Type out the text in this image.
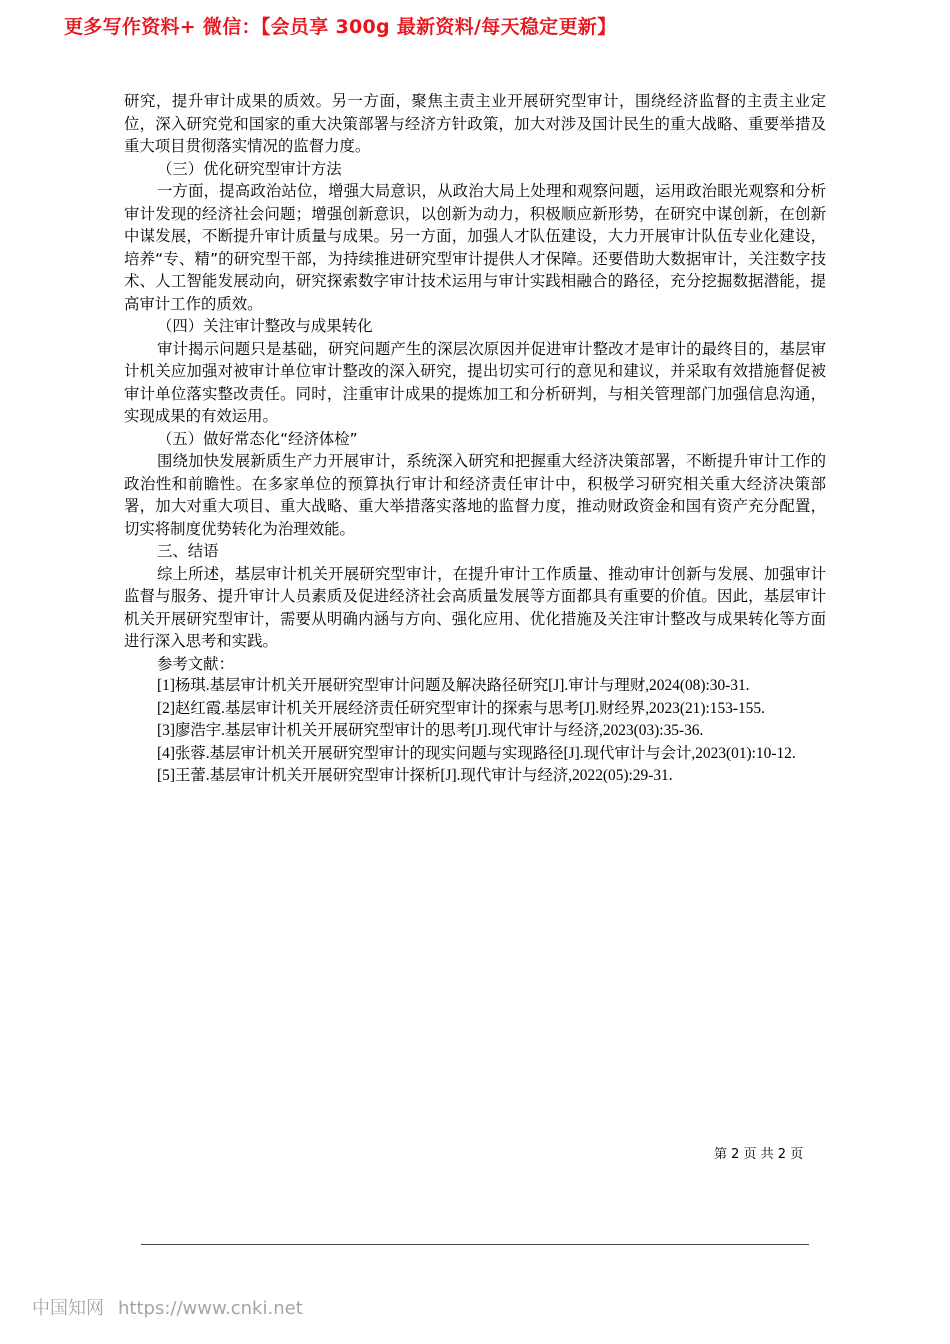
更多写作资料+ 微信：【会员享 300g 最新资料/每天稳定更新】

研究，提升审计成果的质效。另一方面，聚焦主责主业开展研究型审计，围绕经济监督的主责主业定位，深入研究党和国家的重大决策部署与经济方针政策，加大对涉及国计民生的重大战略、重要举措及重大项目贯彻落实情况的监督力度。

（三）优化研究型审计方法

一方面，提高政治站位，增强大局意识，从政治大局上处理和观察问题，运用政治眼光观察和分析审计发现的经济社会问题；增强创新意识，以创新为动力，积极顺应新形势，在研究中谋创新，在创新中谋发展，不断提升审计质量与成果。另一方面，加强人才队伍建设，大力开展审计队伍专业化建设，培养“专、精”的研究型干部，为持续推进研究型审计提供人才保障。还要借助大数据审计，关注数字技术、人工智能发展动向，研究探索数字审计技术运用与审计实践相融合的路径，充分挖掘数据潜能，提高审计工作的质效。

（四）关注审计整改与成果转化

审计揭示问题只是基础，研究问题产生的深层次原因并促进审计整改才是审计的最终目的，基层审计机关应加强对被审计单位审计整改的深入研究，提出切实可行的意见和建议，并采取有效措施督促被审计单位落实整改责任。同时，注重审计成果的提炼加工和分析研判，与相关管理部门加强信息沟通，实现成果的有效运用。

（五）做好常态化“经济体检”

围绕加快发展新质生产力开展审计，系统深入研究和把握重大经济决策部署，不断提升审计工作的政治性和前瞻性。在多家单位的预算执行审计和经济责任审计中，积极学习研究相关重大经济决策部署，加大对重大项目、重大战略、重大举措落实落地的监督力度，推动财政资金和国有资产充分配置，切实将制度优势转化为治理效能。

三、结语

综上所述，基层审计机关开展研究型审计，在提升审计工作质量、推动审计创新与发展、加强审计监督与服务、提升审计人员素质及促进经济社会高质量发展等方面都具有重要的价值。因此，基层审计机关开展研究型审计，需要从明确内涵与方向、强化应用、优化措施及关注审计整改与成果转化等方面进行深入思考和实践。

参考文献：

[1]杨琪.基层审计机关开展研究型审计问题及解决路径研究[J].审计与理财,2024(08):30-31.

[2]赵红霞.基层审计机关开展经济责任研究型审计的探索与思考[J].财经界,2023(21):153-155.

[3]廖浩宇.基层审计机关开展研究型审计的思考[J].现代审计与经济,2023(03):35-36.

[4]张蓉.基层审计机关开展研究型审计的现实问题与实现路径[J].现代审计与会计,2023(01):10-12.

[5]王蕾.基层审计机关开展研究型审计探析[J].现代审计与经济,2022(05):29-31.

第 2 页 共 2 页
中国知网 https://www.cnki.net
